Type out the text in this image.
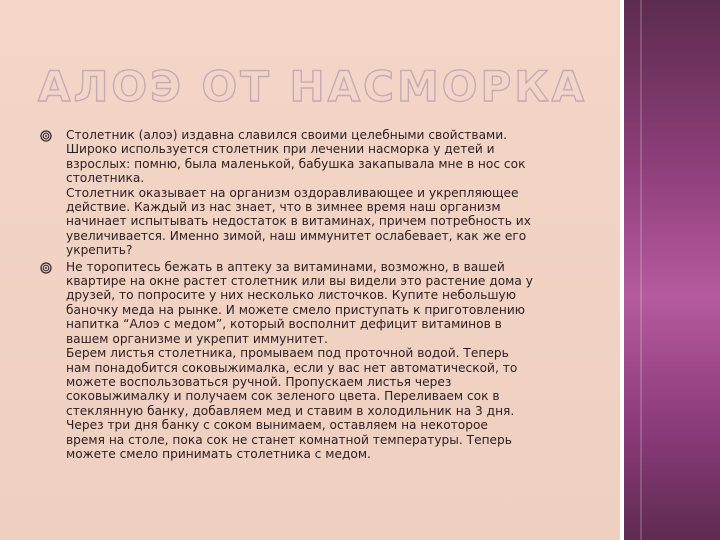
АЛОЭ ОТ НАСМОРКА

Столетник (алоэ) издавна славился своими целебными свойствами.
Широко используется столетник при лечении насморка у детей и
взрослых: помню, была маленькой, бабушка закапывала мне в нос сок
столетника.
Столетник оказывает на организм оздоравливающее и укрепляющее
действие. Каждый из нас знает, что в зимнее время наш организм
начинает испытывать недостаток в витаминах, причем потребность их
увеличивается. Именно зимой, наш иммунитет ослабевает, как же его
укрепить?

Не торопитесь бежать в аптеку за витаминами, возможно, в вашей
квартире на окне растет столетник или вы видели это растение дома у
друзей, то попросите у них несколько листочков. Купите небольшую
баночку меда на рынке. И можете смело приступать к приготовлению
напитка “Алоэ с медом”, который восполнит дефицит витаминов в
вашем организме и укрепит иммунитет.
Берем листья столетника, промываем под проточной водой. Теперь
нам понадобится соковыжималка, если у вас нет автоматической, то
можете воспользоваться ручной. Пропускаем листья через
соковыжималку и получаем сок зеленого цвета. Переливаем сок в
стеклянную банку, добавляем мед и ставим в холодильник на 3 дня.
Через три дня банку с соком вынимаем, оставляем на некоторое
время на столе, пока сок не станет комнатной температуры. Теперь
можете смело принимать столетника с медом.
